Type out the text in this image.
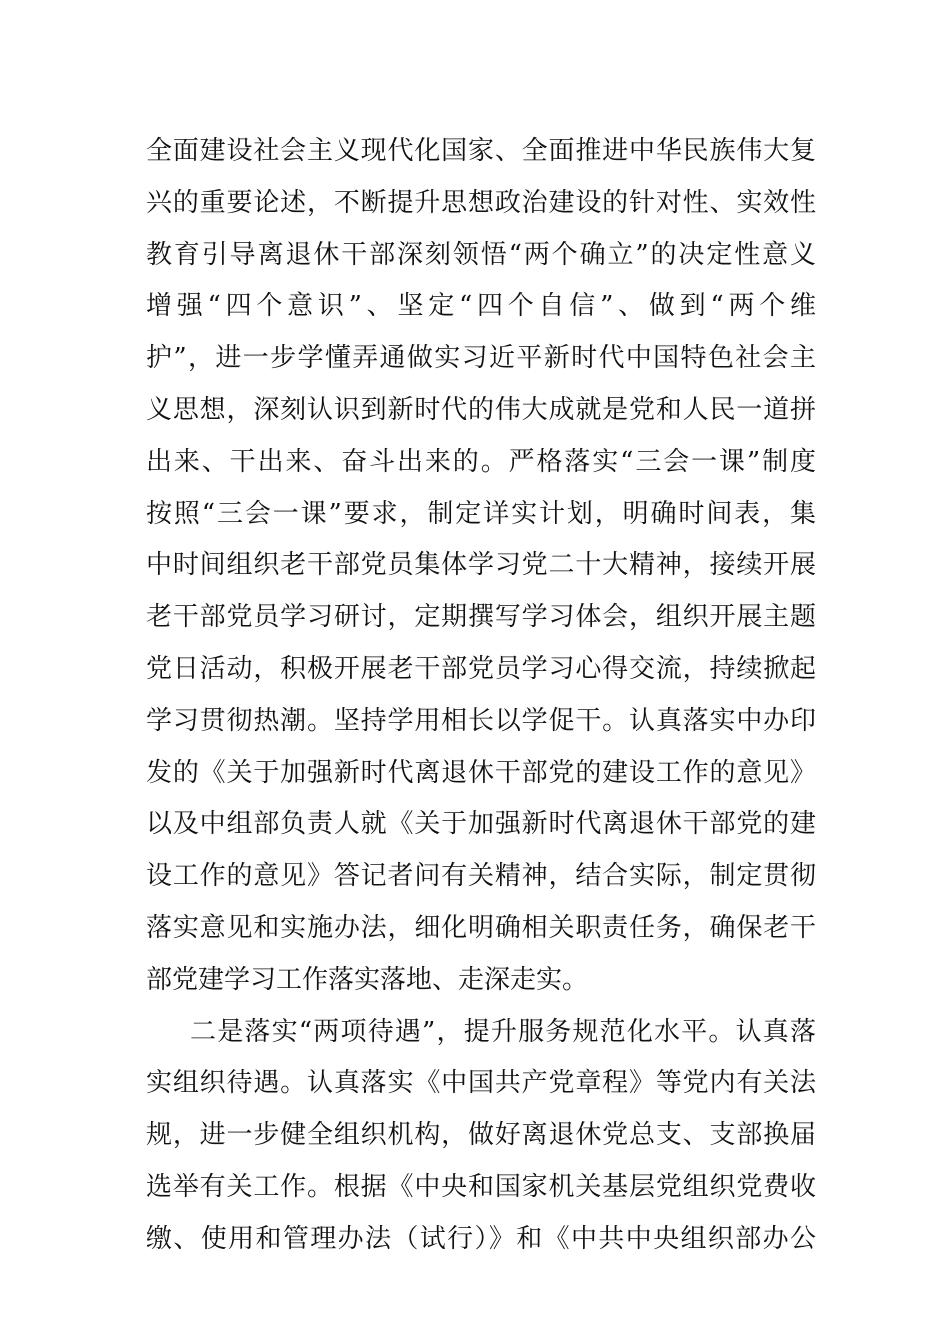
全面建设社会主义现代化国家、全面推进中华民族伟大复
兴的重要论述，不断提升思想政治建设的针对性、实效性
教育引导离退休干部深刻领悟“两个确立”的决定性意义
增强“四个意识”、坚定“四个自信”、做到“两个维
护”，进一步学懂弄通做实习近平新时代中国特色社会主
义思想，深刻认识到新时代的伟大成就是党和人民一道拼
出来、干出来、奋斗出来的。严格落实“三会一课”制度
按照“三会一课”要求，制定详实计划，明确时间表，集
中时间组织老干部党员集体学习党二十大精神，接续开展
老干部党员学习研讨，定期撰写学习体会，组织开展主题
党日活动，积极开展老干部党员学习心得交流，持续掀起
学习贯彻热潮。坚持学用相长以学促干。认真落实中办印
发的《关于加强新时代离退休干部党的建设工作的意见》
以及中组部负责人就《关于加强新时代离退休干部党的建
设工作的意见》答记者问有关精神，结合实际，制定贯彻
落实意见和实施办法，细化明确相关职责任务，确保老干
部党建学习工作落实落地、走深走实。
二是落实“两项待遇”，提升服务规范化水平。认真落
实组织待遇。认真落实《中国共产党章程》等党内有关法
规，进一步健全组织机构，做好离退休党总支、支部换届
选举有关工作。根据《中央和国家机关基层党组织党费收
缴、使用和管理办法（试行）》和《中共中央组织部办公
